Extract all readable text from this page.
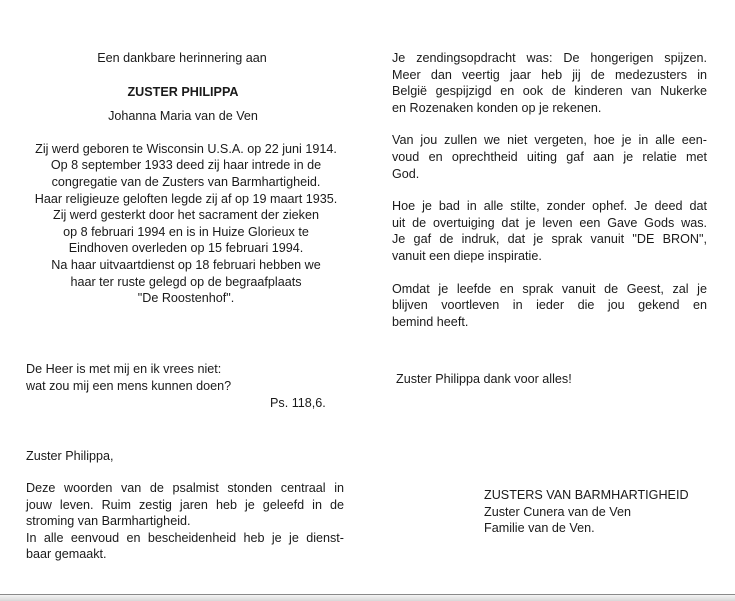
Een dankbare herinnering aan
ZUSTER PHILIPPA
Johanna Maria van de Ven
Zij werd geboren te Wisconsin U.S.A. op 22 juni 1914.
Op 8 september 1933 deed zij haar intrede in de
congregatie van de Zusters van Barmhartigheid.
Haar religieuze geloften legde zij af op 19 maart 1935.
Zij werd gesterkt door het sacrament der zieken
op 8 februari 1994 en is in Huize Glorieux te
Eindhoven overleden op 15 februari 1994.
Na haar uitvaartdienst op 18 februari hebben we
haar ter ruste gelegd op de begraafplaats
"De Roostenhof".
De Heer is met mij en ik vrees niet:
wat zou mij een mens kunnen doen?
Ps. 118,6.
Zuster Philippa,
Deze woorden van de psalmist stonden centraal in
jouw leven. Ruim zestig jaren heb je geleefd in de
stroming van Barmhartigheid.
In alle eenvoud en bescheidenheid heb je je dienst-
baar gemaakt.
Je zendingsopdracht was: De hongerigen spijzen.
Meer dan veertig jaar heb jij de medezusters in
België gespijzigd en ook de kinderen van Nukerke
en Rozenaken konden op je rekenen.
Van jou zullen we niet vergeten, hoe je in alle een-
voud en oprechtheid uiting gaf aan je relatie met
God.
Hoe je bad in alle stilte, zonder ophef. Je deed dat
uit de overtuiging dat je leven een Gave Gods was.
Je gaf de indruk, dat je sprak vanuit "DE BRON",
vanuit een diepe inspiratie.
Omdat je leefde en sprak vanuit de Geest, zal je
blijven voortleven in ieder die jou gekend en
bemind heeft.
Zuster Philippa dank voor alles!
ZUSTERS VAN BARMHARTIGHEID
Zuster Cunera van de Ven
Familie van de Ven.
